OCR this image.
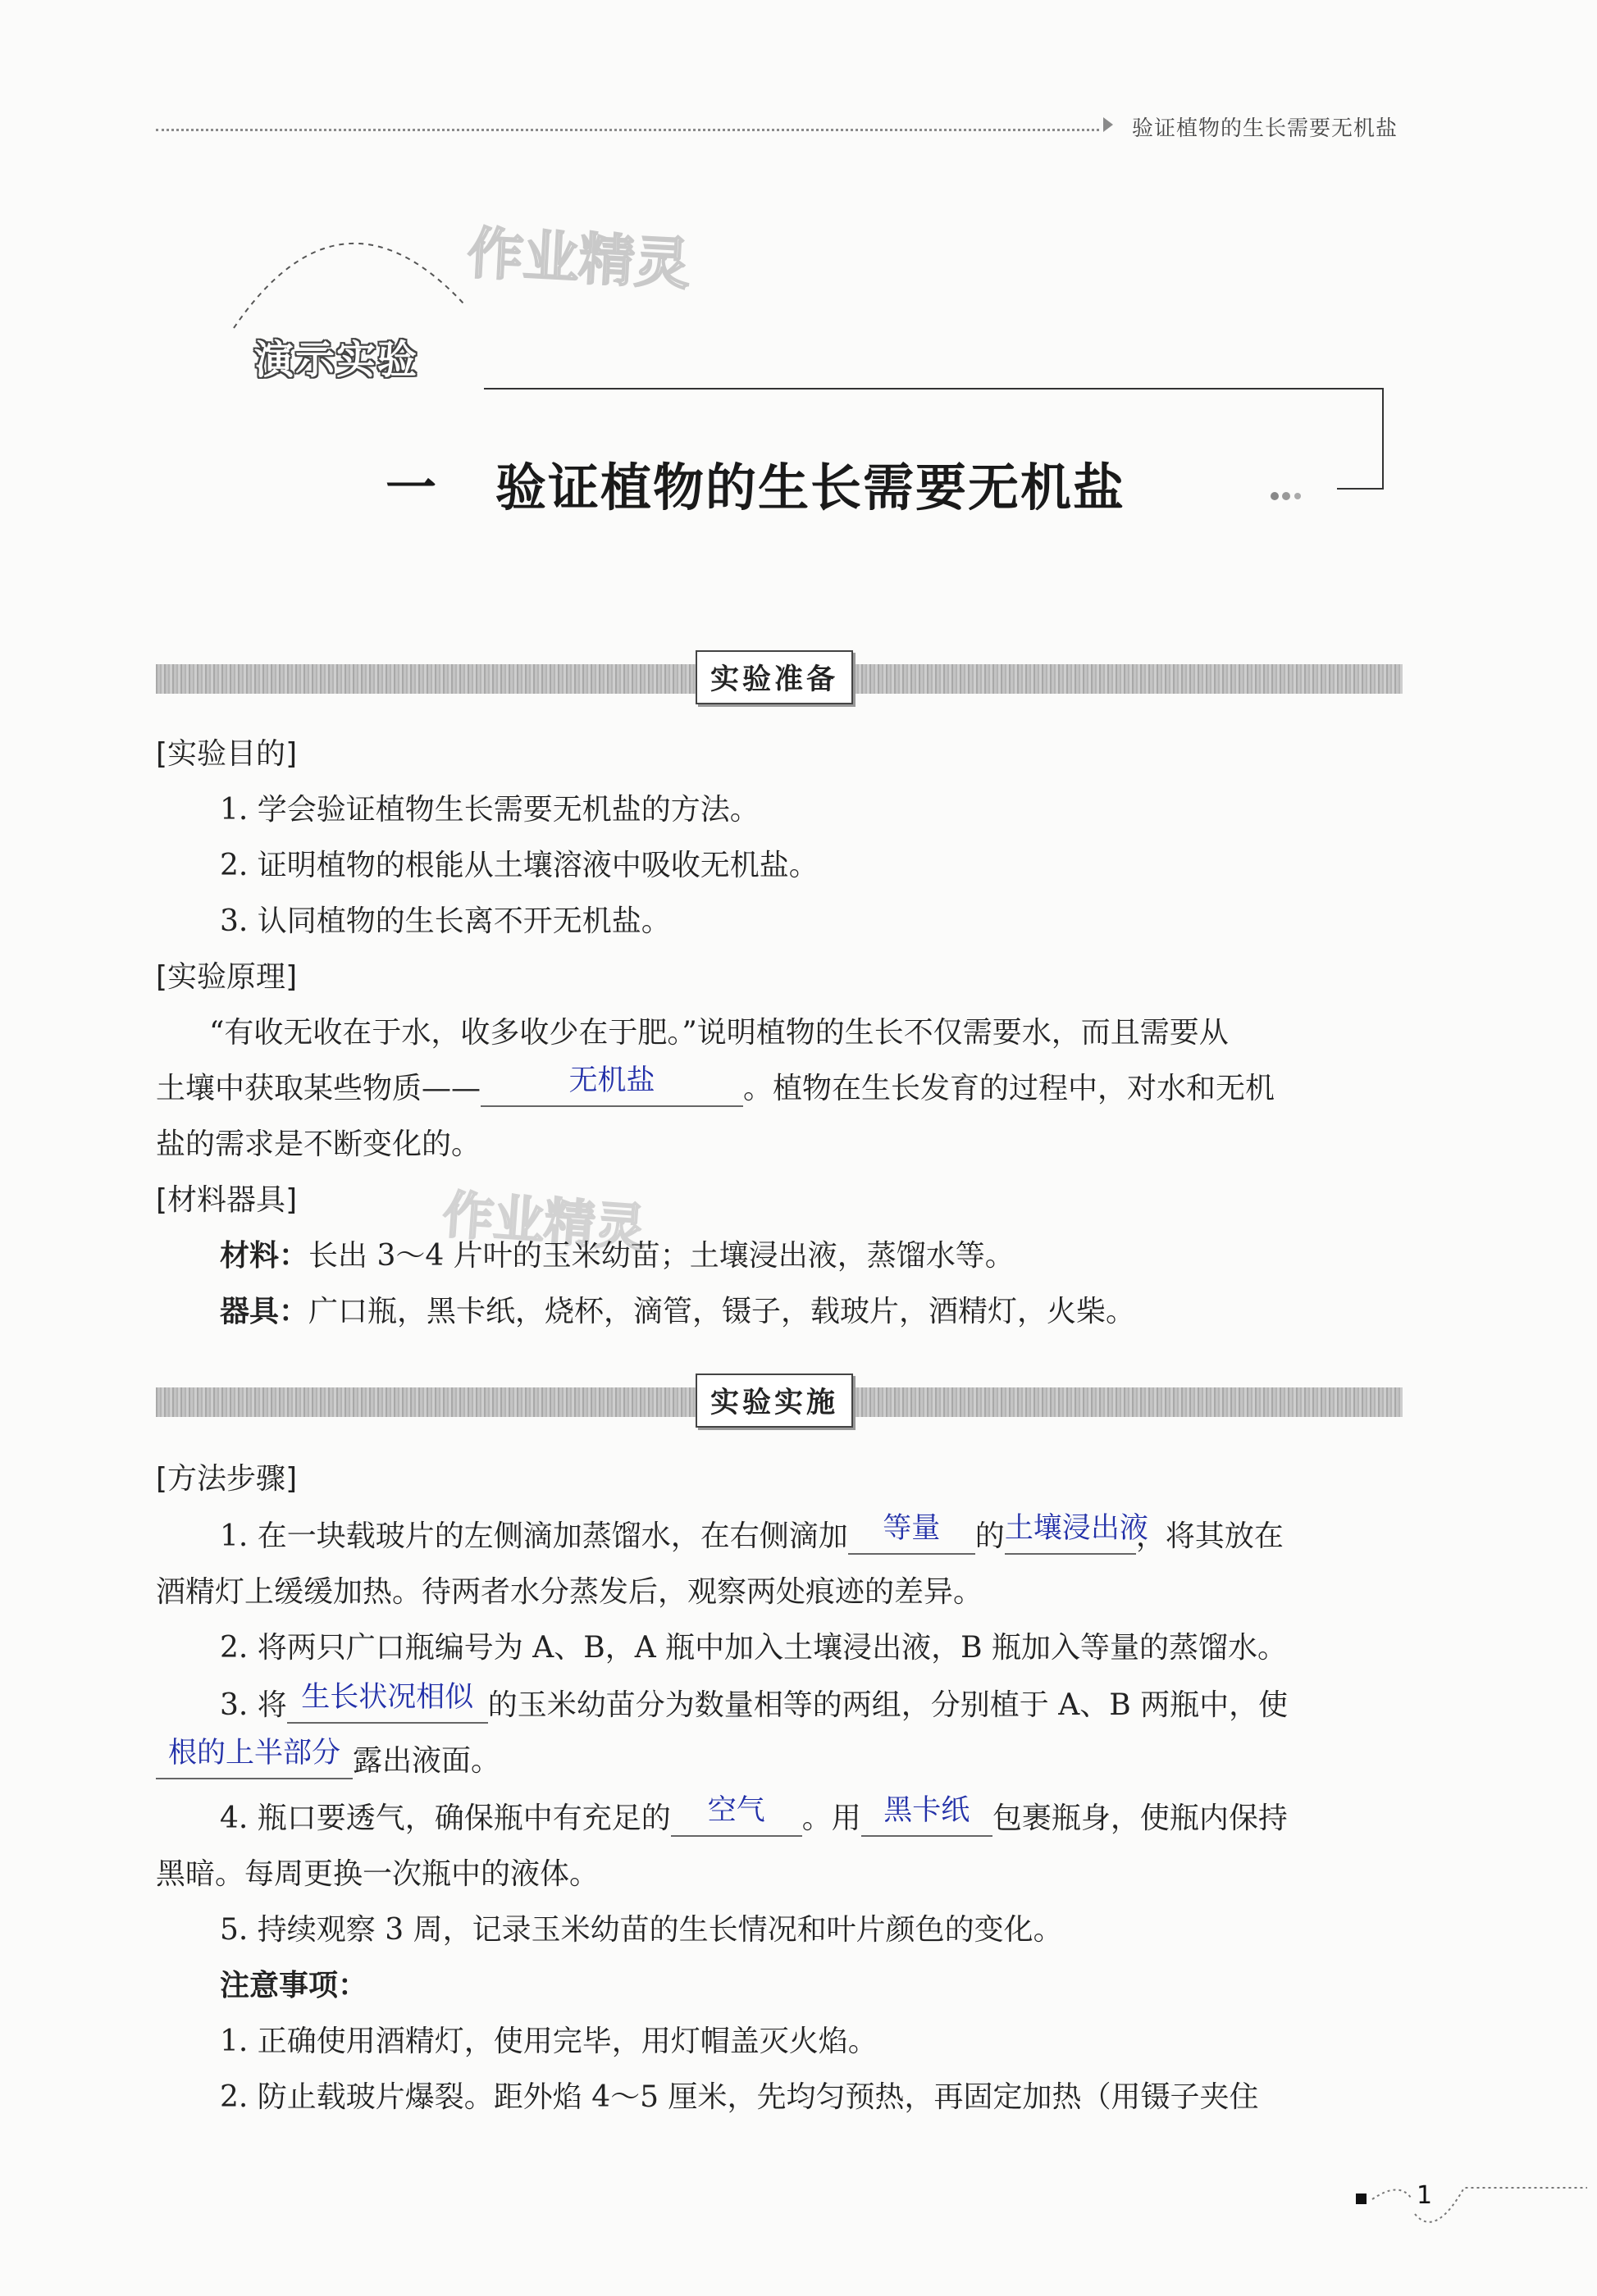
验证植物的生长需要无机盐
作业精灵
作业精灵
演示实验
一 验证植物的生长需要无机盐
实验准备
[实验目的]
1. 学会验证植物生长需要无机盐的方法。
2. 证明植物的根能从土壤溶液中吸收无机盐。
3. 认同植物的生长离不开无机盐。
[实验原理]
“有收无收在于水，收多收少在于肥。”说明植物的生长不仅需要水，而且需要从
土壤中获取某些物质——	无机盐	。植物在生长发育的过程中，对水和无机
盐的需求是不断变化的。
[材料器具]
材料：长出 3～4 片叶的玉米幼苗；土壤浸出液，蒸馏水等。
器具：广口瓶，黑卡纸，烧杯，滴管，镊子，载玻片，酒精灯，火柴。
实验实施
[方法步骤]
1. 在一块载玻片的左侧滴加蒸馏水，在右侧滴加	等量	的 土壤浸出液
，将其放在
酒精灯上缓缓加热。待两者水分蒸发后，观察两处痕迹的差异。
2. 将两只广口瓶编号为 A、B，A 瓶中加入土壤浸出液，B 瓶加入等量的蒸馏水。
3. 将 生长状况相似 的玉米幼苗分为数量相等的两组，分别植于 A、B 两瓶中，使
根的上半部分 露出液面。
4. 瓶口要透气，确保瓶中有充足的	空气	。用 黑卡纸 包裹瓶身，使瓶内保持
黑暗。每周更换一次瓶中的液体。
5. 持续观察 3 周，记录玉米幼苗的生长情况和叶片颜色的变化。
注意事项：
1. 正确使用酒精灯，使用完毕，用灯帽盖灭火焰。
2. 防止载玻片爆裂。距外焰 4～5 厘米，先均匀预热，再固定加热（用镊子夹住
1
